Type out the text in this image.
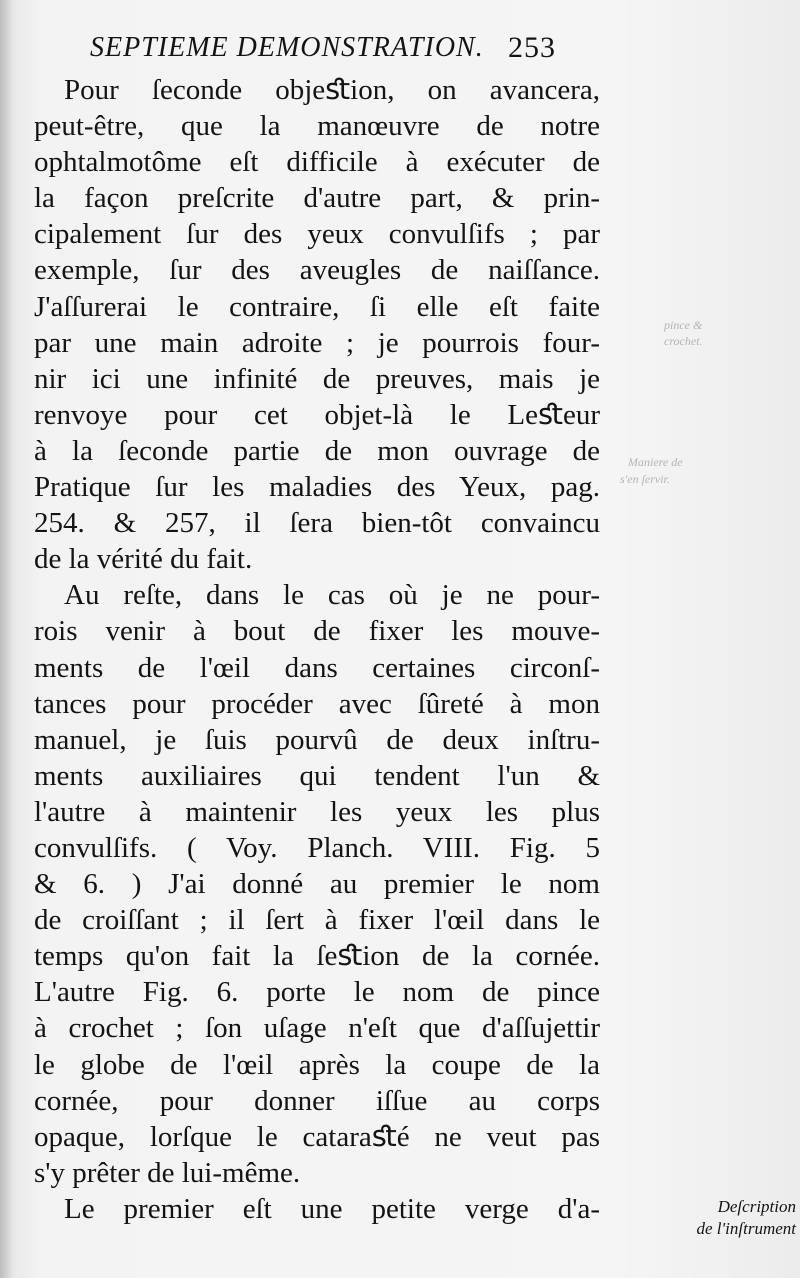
SEPTIEME DEMONSTRATION. 253
Pour ſeconde objeﬆion, on avancera,
peut-être, que la manœuvre de notre
ophtalmotôme eſt difficile à exécuter de
la façon preſcrite d'autre part, & prin-
cipalement ſur des yeux convulſifs ; par
exemple, ſur des aveugles de naiſſance.
J'aſſurerai le contraire, ſi elle eſt faite
par une main adroite ; je pourrois four-
nir ici une infinité de preuves, mais je
renvoye pour cet objet-là le Leﬆeur
à la ſeconde partie de mon ouvrage de
Pratique ſur les maladies des Yeux, pag.
254. & 257, il ſera bien-tôt convaincu
de la vérité du fait.
Au reſte, dans le cas où je ne pour-
rois venir à bout de fixer les mouve-
ments de l'œil dans certaines circonſ-
tances pour procéder avec ſûreté à mon
manuel, je ſuis pourvû de deux inſtru-
ments auxiliaires qui tendent l'un &
l'autre à maintenir les yeux les plus
convulſifs. ( Voy. Planch. VIII. Fig. 5
& 6. ) J'ai donné au premier le nom
de croiſſant ; il ſert à fixer l'œil dans le
temps qu'on fait la ſeﬆion de la cornée.
L'autre Fig. 6. porte le nom de pince
à crochet ; ſon uſage n'eſt que d'aſſujettir
le globe de l'œil après la coupe de la
cornée, pour donner iſſue au corps
opaque, lorſque le cataraﬆé ne veut pas
s'y prêter de lui-même.
Le premier eſt une petite verge d'a-	Deſcription
de l'inſtrument
Maniere de
s'en ſervir.
pince &
crochet.
